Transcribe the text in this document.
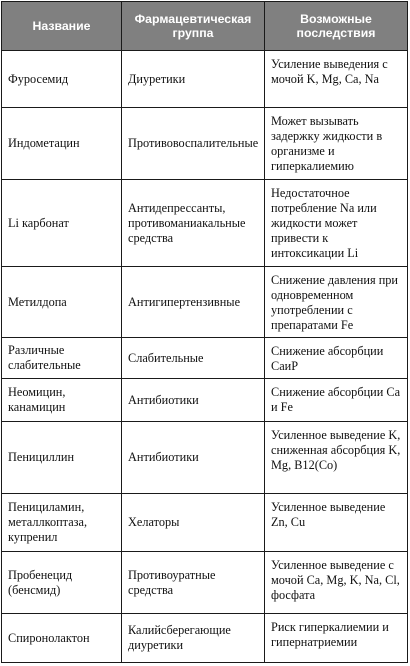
Название	Фармацевтическая группа	Возможные последствия
Фуросемид	Диуретики	Усиление выведения с мочой K, Mg, Ca, Na
Индометацин	Противовоспалительные	Может вызывать задержку жидкости в организме и гиперкалиемию
Li карбонат	Антидепрессанты, противоманиакальные средства	Недостаточное потребление Na или жидкости может привести к интоксикации Li
Метилдопа	Антигипертензивные	Снижение давления при одновременном употреблении с препаратами Fe
Различные слабительные	Слабительные	Снижение абсорбции CaиP
Неомицин, канамицин	Антибиотики	Снижение абсорбции Ca и Fe
Пенициллин	Антибиотики	Усиленное выведение K, сниженная абсорбция K, Mg, B12(Co)
Пенициламин, металлкоптаза, купренил	Хелаторы	Усиленное выведение Zn, Cu
Пробенецид (бенсмид)	Противоуратные средства	Усиленное выведение с мочой Ca, Mg, K, Na, Cl, фосфата
Спиронолактон	Калийсберегающие диуретики	Риск гиперкалиемии и гипернатриемии
